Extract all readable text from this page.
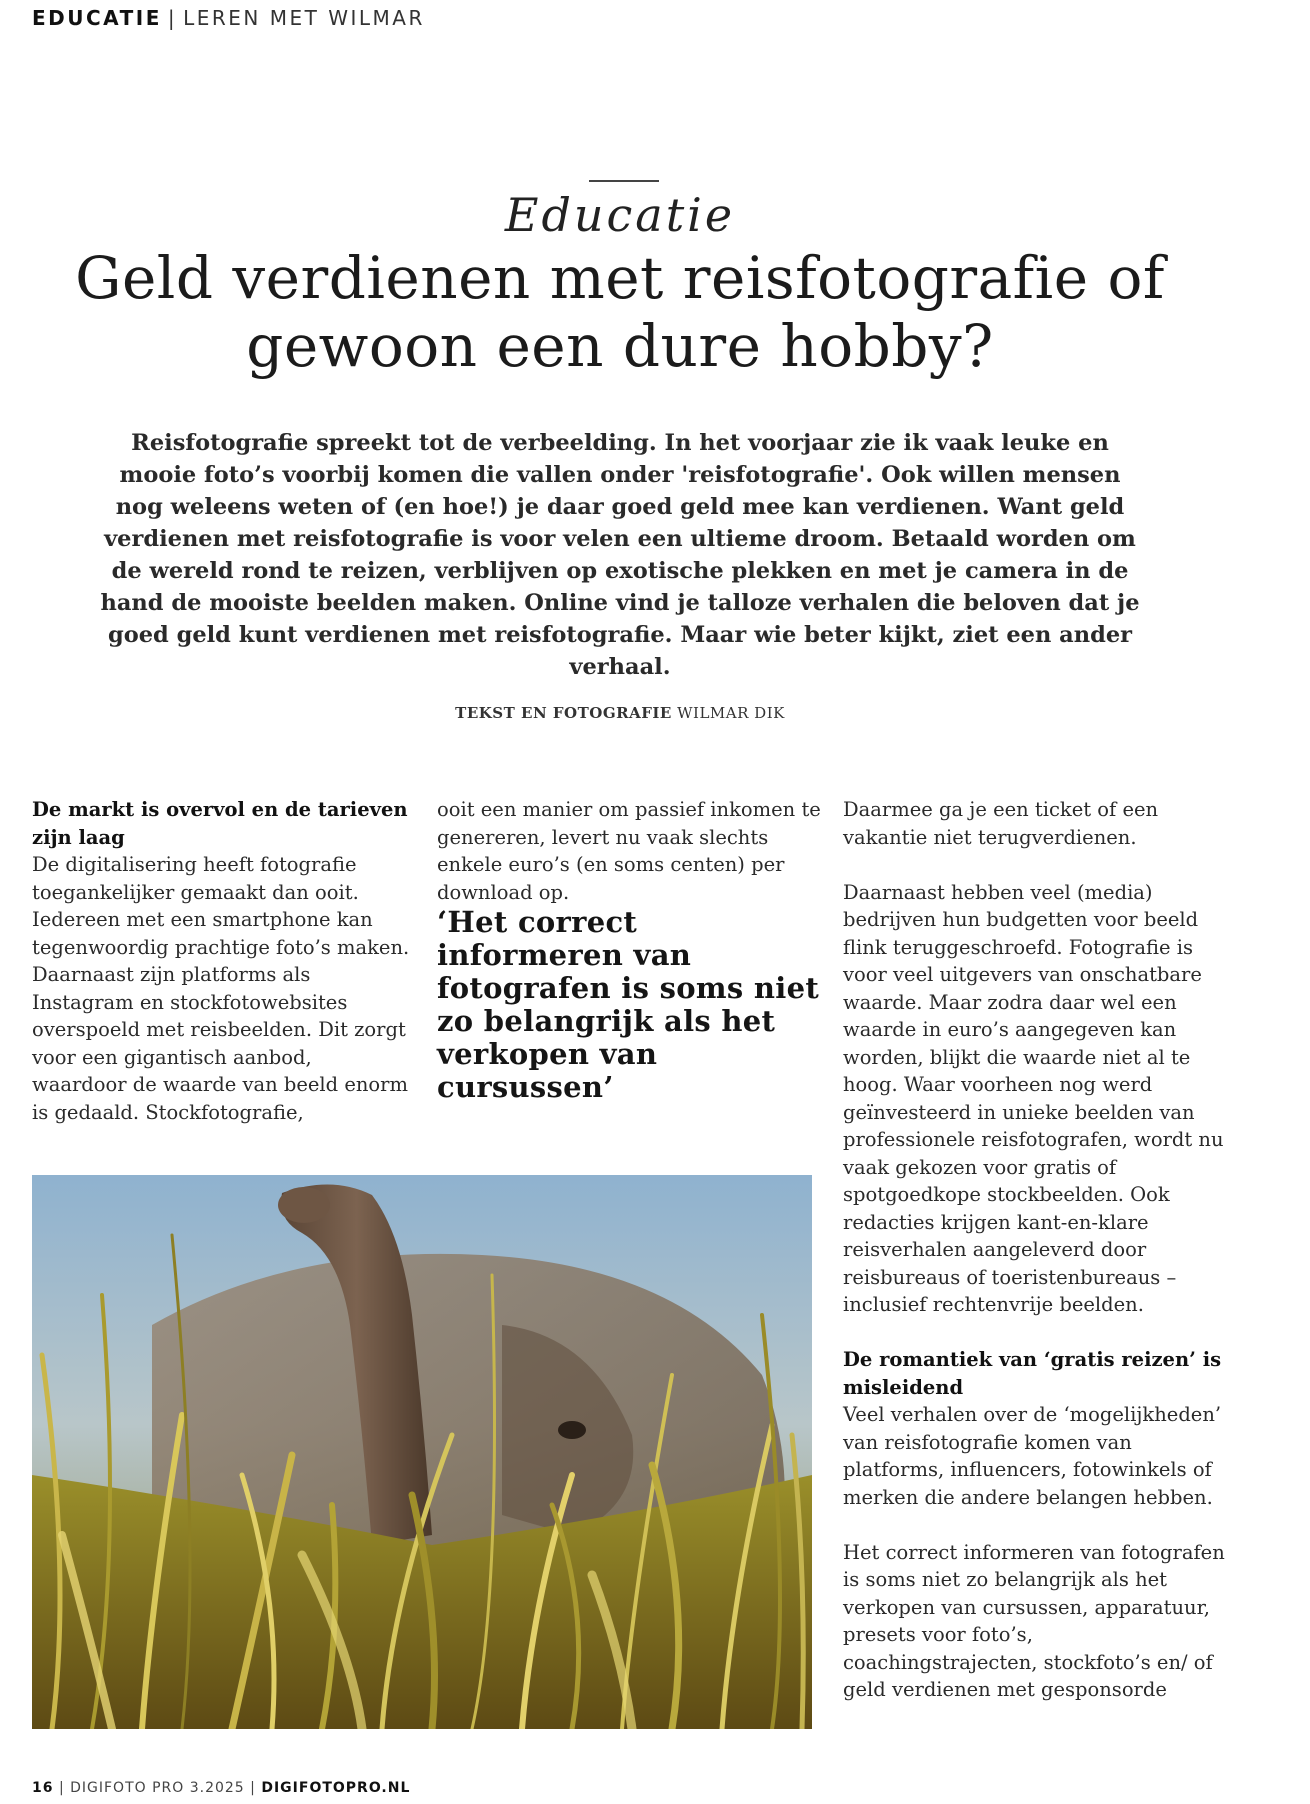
EDUCATIE | LEREN MET WILMAR
Educatie
Geld verdienen met reisfotografie of gewoon een dure hobby?

Reisfotografie spreekt tot de verbeelding. In het voorjaar zie ik vaak leuke en mooie foto’s voorbij komen die vallen onder 'reisfotografie'. Ook willen mensen nog weleens weten of (en hoe!) je daar goed geld mee kan verdienen. Want geld verdienen met reisfotografie is voor velen een ultieme droom. Betaald worden om de wereld rond te reizen, verblijven op exotische plekken en met je camera in de hand de mooiste beelden maken. Online vind je talloze verhalen die beloven dat je goed geld kunt verdienen met reisfotografie. Maar wie beter kijkt, ziet een ander verhaal.

TEKST EN FOTOGRAFIE WILMAR DIK
De markt is overvol en de tarieven zijn laag

De digitalisering heeft fotografie toegankelijker gemaakt dan ooit. Iedereen met een smartphone kan tegenwoordig prachtige foto’s maken. Daarnaast zijn platforms als Instagram en stockfotowebsites overspoeld met reisbeelden. Dit zorgt voor een gigantisch aanbod, waardoor de waarde van beeld enorm is gedaald. Stockfotografie,

ooit een manier om passief inkomen te genereren, levert nu vaak slechts enkele euro’s (en soms centen) per download op.

‘Het correct informeren van fotografen is soms niet zo belangrijk als het verkopen van cursussen’

Daarmee ga je een ticket of een vakantie niet terugverdienen.

Daarnaast hebben veel (media) bedrijven hun budgetten voor beeld flink teruggeschroefd. Fotografie is voor veel uitgevers van onschatbare waarde. Maar zodra daar wel een waarde in euro’s aangegeven kan worden, blijkt die waarde niet al te hoog. Waar voorheen nog werd geïnvesteerd in unieke beelden van professionele reisfotografen, wordt nu vaak gekozen voor gratis of spotgoedkope stockbeelden. Ook redacties krijgen kant-en-klare reisverhalen aangeleverd door reisbureaus of toeristenbureaus – inclusief rechtenvrije beelden.

De romantiek van ‘gratis reizen’ is misleidend

Veel verhalen over de ‘mogelijkheden’ van reisfotografie komen van platforms, influencers, fotowinkels of merken die andere belangen hebben.

Het correct informeren van fotografen is soms niet zo belangrijk als het verkopen van cursussen, apparatuur, presets voor foto’s, coachingstrajecten, stockfoto’s en/ of geld verdienen met gesponsorde

16 | DIGIFOTO PRO 3.2025 | DIGIFOTOPRO.NL
